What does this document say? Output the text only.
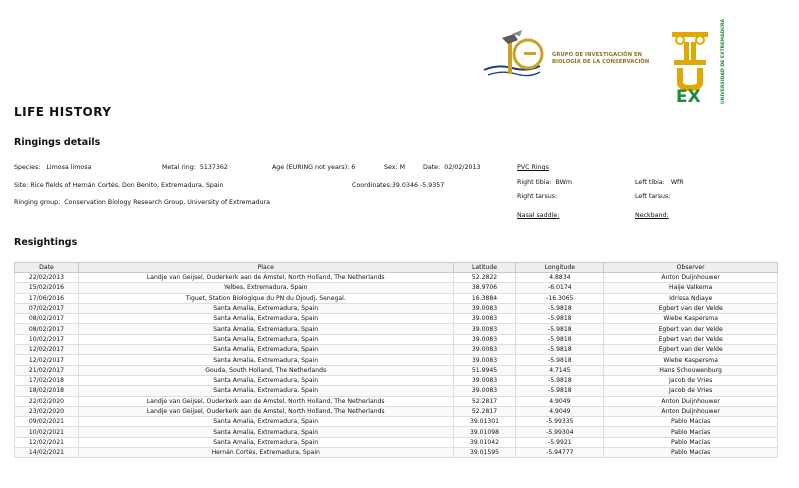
GRUPO DE INVESTIGACIÓN EN
BIOLOGÍA DE LA CONSERVACIÓN
EX	UNIVERSIDAD DE EXTREMADURA
LIFE HISTORY
Ringings details
Species: Limosa limosa	Metal ring: 5137362	Age (EURING not years): 6	Sex: M	Date: 02/02/2013
Site: Rice fields of Hernán Cortés, Don Benito, Extremadura, Spain	Coordinates:39.0346 -5.9357
Ringing group: Conservation Biology Research Group, University of Extremadura
PVC Rings
Right tibia: BWm	Left tibia: WfR
Right tarsus:	Left tarsus:
Nasal saddle:	Neckband:
Resightings
Date	Place	Latitude	Longitude	Observer
22/02/2013	Landje van Geijsel, Ouderkerk aan de Amstel, North Holland, The Netherlands	52.2822	4.8834	Anton Duijnhouwer
15/02/2016	Yelbes, Extremadura, Spain	38.9706	-6.0174	Haije Valkema
17/06/2016	Tiguet, Station Biologique du PN du Djoudj, Senegal.	16.3884	-16.3065	Idrissa Ndiaye
07/02/2017	Santa Amalia, Extremadura, Spain	39.0083	-5.9818	Egbert van der Velde
08/02/2017	Santa Amalia, Extremadura, Spain	39.0083	-5.9818	Wiebe Kaspersma
08/02/2017	Santa Amalia, Extremadura, Spain	39.0083	-5.9818	Egbert van der Velde
10/02/2017	Santa Amalia, Extremadura, Spain	39.0083	-5.9818	Egbert van der Velde
12/02/2017	Santa Amalia, Extremadura, Spain	39.0083	-5.9818	Egbert van der Velde
12/02/2017	Santa Amalia, Extremadura, Spain	39.0083	-5.9818	Wiebe Kaspersma
21/02/2017	Gouda, South Holland, The Netherlands	51.9945	4.7145	Hans Schouwenburg
17/02/2018	Santa Amalia, Extremadura, Spain	39.0083	-5.9818	Jacob de Vries
18/02/2018	Santa Amalia, Extremadura, Spain	39.0083	-5.9818	Jacob de Vries
22/02/2020	Landje van Geijsel, Ouderkerk aan de Amstel, North Holland, The Netherlands	52.2817	4.9049	Anton Duijnhouwer
23/02/2020	Landje van Geijsel, Ouderkerk aan de Amstel, North Holland, The Netherlands	52.2817	4.9049	Anton Duijnhouwer
09/02/2021	Santa Amalia, Extremadura, Spain	39.01301	-5.99335	Pablo Macías
10/02/2021	Santa Amalia, Extremadura, Spain	39.01098	-5.99304	Pablo Macías
12/02/2021	Santa Amalia, Extremadura, Spain	39.01042	-5.9921	Pablo Macías
14/02/2021	Hernán Cortés, Extremadura, Spain	39.01595	-5.94777	Pablo Macías
